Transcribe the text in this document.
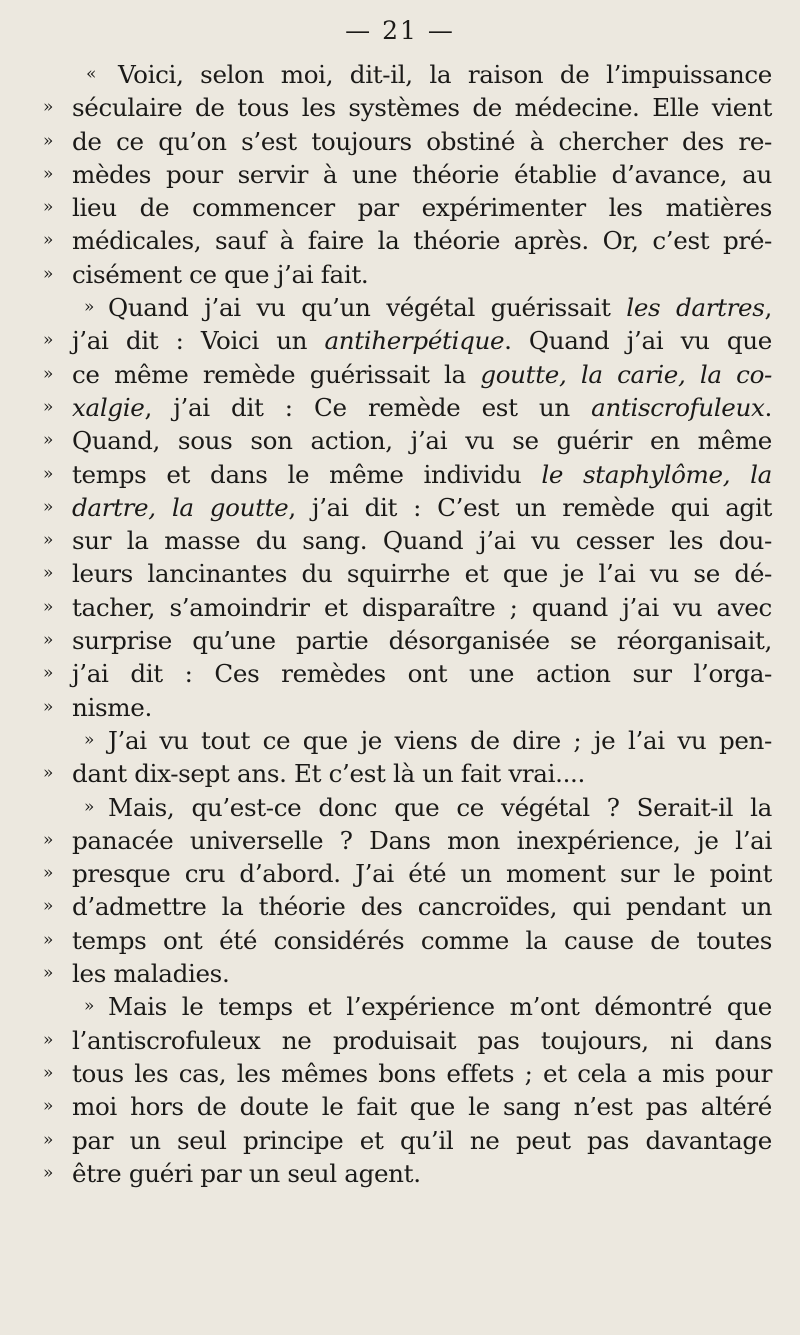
— 21 —
« Voici, selon moi, dit-il, la raison de l’impuissance
» séculaire de tous les systèmes de médecine. Elle vient
» de ce qu’on s’est toujours obstiné à chercher des re-
» mèdes pour servir à une théorie établie d’avance, au
» lieu de commencer par expérimenter les matières
» médicales, sauf à faire la théorie après. Or, c’est pré-
» cisément ce que j’ai fait.
» Quand j’ai vu qu’un végétal guérissait les dartres,
» j’ai dit : Voici un antiherpétique. Quand j’ai vu que
» ce même remède guérissait la goutte, la carie, la co-
» xalgie, j’ai dit : Ce remède est un antiscrofuleux.
» Quand, sous son action, j’ai vu se guérir en même
» temps et dans le même individu le staphylôme, la
» dartre, la goutte, j’ai dit : C’est un remède qui agit
» sur la masse du sang. Quand j’ai vu cesser les dou-
» leurs lancinantes du squirrhe et que je l’ai vu se dé-
» tacher, s’amoindrir et disparaître ; quand j’ai vu avec
» surprise qu’une partie désorganisée se réorganisait,
» j’ai dit : Ces remèdes ont une action sur l’orga-
» nisme.
» J’ai vu tout ce que je viens de dire ; je l’ai vu pen-
» dant dix-sept ans. Et c’est là un fait vrai....
» Mais, qu’est-ce donc que ce végétal ? Serait-il la
» panacée universelle ? Dans mon inexpérience, je l’ai
» presque cru d’abord. J’ai été un moment sur le point
» d’admettre la théorie des cancroïdes, qui pendant un
» temps ont été considérés comme la cause de toutes
» les maladies.
» Mais le temps et l’expérience m’ont démontré que
» l’antiscrofuleux ne produisait pas toujours, ni dans
» tous les cas, les mêmes bons effets ; et cela a mis pour
» moi hors de doute le fait que le sang n’est pas altéré
» par un seul principe et qu’il ne peut pas davantage
» être guéri par un seul agent.
